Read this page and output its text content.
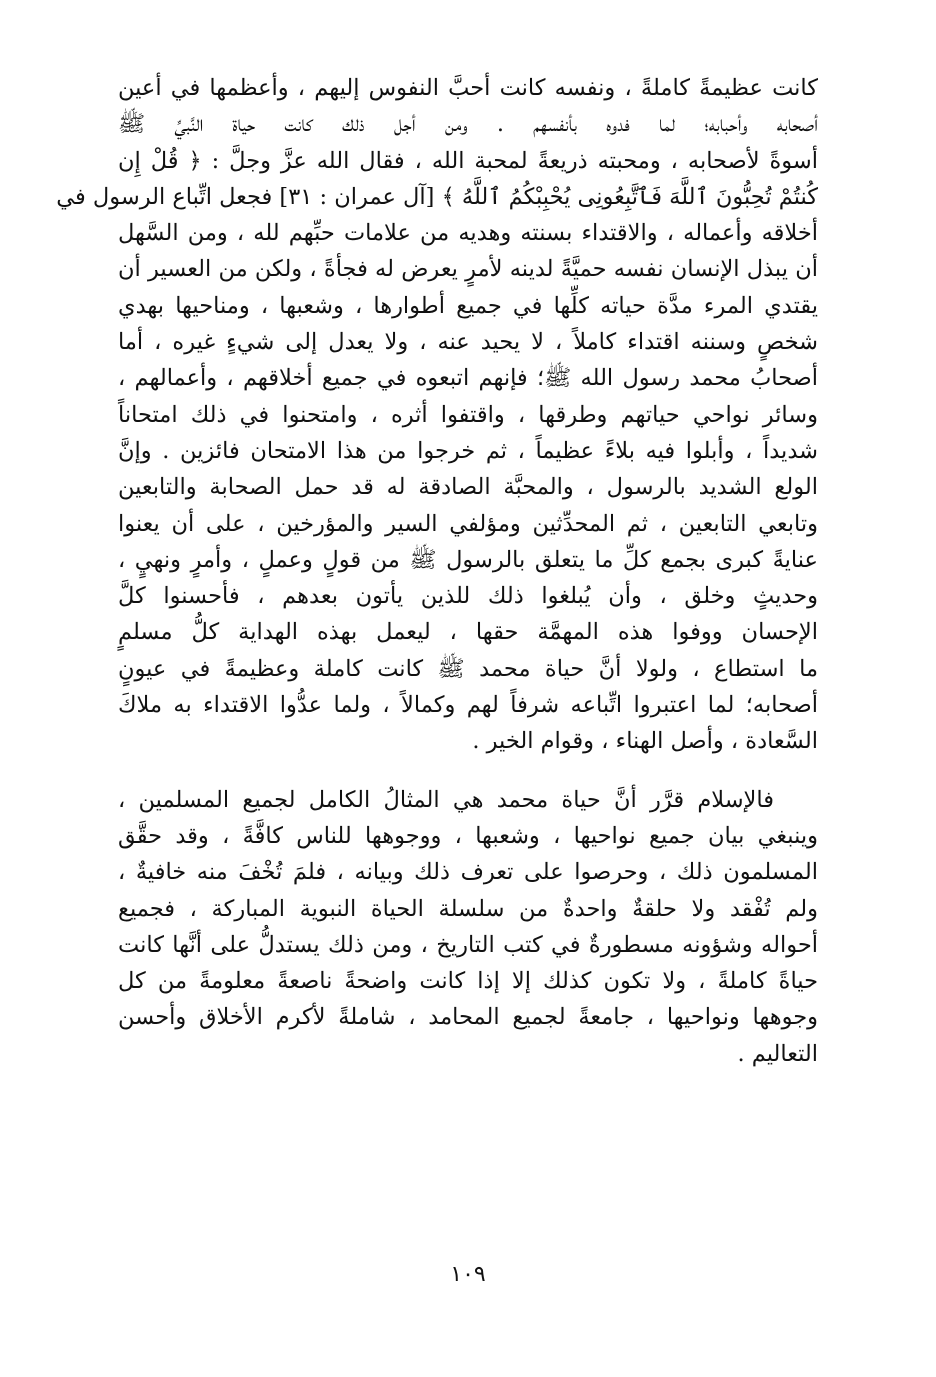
كانت عظيمةً كاملةً ، ونفسه كانت أحبَّ النفوس إليهم ، وأعظمها في أعين
أصحابه وأحبابه؛ لما فدوه بأنفسهم . ومن أجل ذلك كانت حياة النَّبيِّ ﷺ
أسوةً لأصحابه ، ومحبته ذريعةً لمحبة الله ، فقال الله عزَّ وجلَّ : ﴿ قُلْ إِن
كُنتُمْ تُحِبُّونَ ٱللَّهَ فَٱتَّبِعُونِى يُحْبِبْكُمُ ٱللَّهُ ﴾ [آل عمران : ٣١] فجعل اتِّباع الرسول في
أخلاقه وأعماله ، والاقتداء بسنته وهديه من علامات حبِّهم لله ، ومن السَّهل
أن يبذل الإنسان نفسه حميَّةً لدينه لأمرٍ يعرض له فجأةً ، ولكن من العسير أن
يقتدي المرء مدَّة حياته كلِّها في جميع أطوارها ، وشعبها ، ومناحيها بهدي
شخصٍ وسننه اقتداء كاملاً ، لا يحيد عنه ، ولا يعدل إلى شيءٍ غيره ، أما
أصحابُ محمد رسول الله ﷺ؛ فإنهم اتبعوه في جميع أخلاقهم ، وأعمالهم ،
وسائر نواحي حياتهم وطرقها ، واقتفوا أثره ، وامتحنوا في ذلك امتحاناً
شديداً ، وأبلوا فيه بلاءً عظيماً ، ثم خرجوا من هذا الامتحان فائزين . وإنَّ
الولع الشديد بالرسول ، والمحبَّة الصادقة له قد حمل الصحابة والتابعين
وتابعي التابعين ، ثم المحدِّثين ومؤلفي السير والمؤرخين ، على أن يعنوا
عنايةً كبرى بجمع كلِّ ما يتعلق بالرسول ﷺ من قولٍ وعملٍ ، وأمرٍ ونهيٍ ،
وحديثٍ وخلق ، وأن يُبلغوا ذلك للذين يأتون بعدهم ، فأحسنوا كلَّ
الإحسان ووفوا هذه المهمَّة حقها ، ليعمل بهذه الهداية كلُّ مسلمٍ
ما استطاع ، ولولا أنَّ حياة محمد ﷺ كانت كاملة وعظيمةً في عيونٍ
أصحابه؛ لما اعتبروا اتِّباعه شرفاً لهم وكمالاً ، ولما عدُّوا الاقتداء به ملاكَ
السَّعادة ، وأصل الهناء ، وقوام الخير .

فالإسلام قرَّر أنَّ حياة محمد هي المثالُ الكامل لجميع المسلمين ،
وينبغي بيان جميع نواحيها ، وشعبها ، ووجوهها للناس كافَّةً ، وقد حقَّق
المسلمون ذلك ، وحرصوا على تعرف ذلك وبيانه ، فلمَ تُخْفَ منه خافيةٌ ،
ولم تُفْقد ولا حلقةٌ واحدةٌ من سلسلة الحياة النبوية المباركة ، فجميع
أحواله وشؤونه مسطورةٌ في كتب التاريخ ، ومن ذلك يستدلُّ على أنَّها كانت
حياةً كاملةً ، ولا تكون كذلك إلا إذا كانت واضحةً ناصعةً معلومةً من كل
وجوهها ونواحيها ، جامعةً لجميع المحامد ، شاملةً لأكرم الأخلاق وأحسن
التعاليم .

١٠٩
